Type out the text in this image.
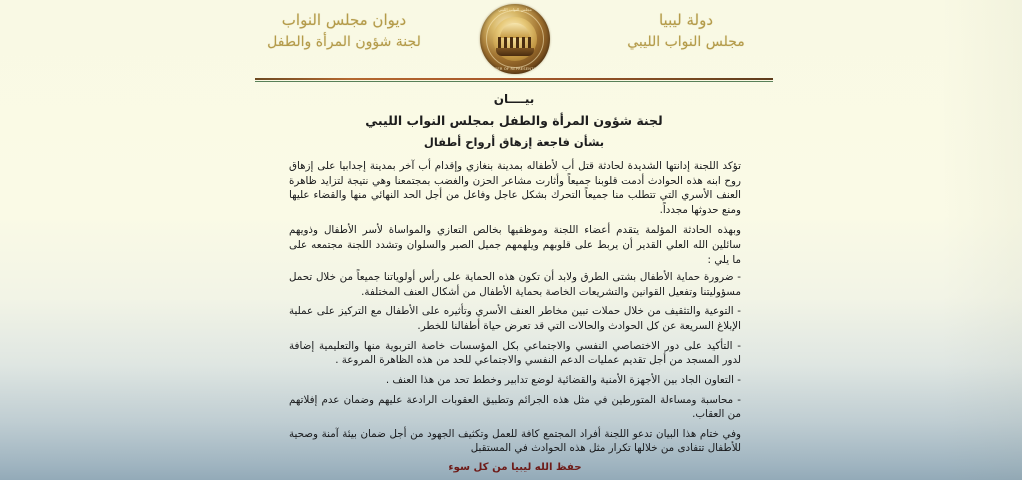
ديوان مجلس النواب
لجنة شؤون المرأة والطفل
مجلس النواب الليبي
CHAMBER OF REPRESENTATIVES
دولة ليبيا
مجلس النواب الليبي
بيــــان
لجنة شؤون المرأة والطفل بمجلس النواب الليبي
بشأن فاجعة إزهاق أرواح أطفال

تؤكد اللجنة إدانتها الشديدة لحادثة قتل أب لأطفاله بمدينة بنغازي وإقدام أب آخر بمدينة إجدابيا على إزهاق روح ابنه هذه الحوادث أدمت قلوبنا جميعاً وأثارت مشاعر الحزن والغضب بمجتمعنا وهي نتيجة لتزايد ظاهرة العنف الأسري التي تتطلب منا جميعاً التحرك بشكل عاجل وفاعل من أجل الحد النهائي منها والقضاء عليها ومنع حدوثها مجدداً.

وبهذه الحادثة المؤلمة يتقدم أعضاء اللجنة وموظفيها بخالص التعازي والمواساة لأسر الأطفال وذويهم سائلين الله العلي القدير أن يربط على قلوبهم ويلهمهم جميل الصبر والسلوان وتشدد اللجنة مجتمعه على ما يلي :

- ضرورة حماية الأطفال بشتى الطرق ولابد أن تكون هذه الحماية على رأس أولوياتنا جميعاً من خلال تحمل مسؤوليتنا وتفعيل القوانين والتشريعات الخاصة بحماية الأطفال من أشكال العنف المختلفة.

- التوعية والتثقيف من خلال حملات تبين مخاطر العنف الأسري وتأثيره على الأطفال مع التركيز على عملية الإبلاغ السريعة عن كل الحوادث والحالات التي قد تعرض حياة أطفالنا للخطر.

- التأكيد على دور الاختصاصي النفسي والاجتماعي بكل المؤسسات خاصة التربوية منها والتعليمية إضافة لدور المسجد من أجل تقديم عمليات الدعم النفسي والاجتماعي للحد من هذه الظاهرة المروعة .

- التعاون الجاد بين الأجهزة الأمنية والقضائية لوضع تدابير وخطط تحد من هذا العنف .

- محاسبة ومساءلة المتورطين في مثل هذه الجرائم وتطبيق العقوبات الرادعة عليهم وضمان عدم إفلاتهم من العقاب.

وفي ختام هذا البيان تدعو اللجنة أفراد المجتمع كافة للعمل وتكثيف الجهود من أجل ضمان بيئة آمنة وصحية للأطفال تتفادى من خلالها تكرار مثل هذه الحوادث في المستقبل

حفظ الله ليبيا من كل سوء
